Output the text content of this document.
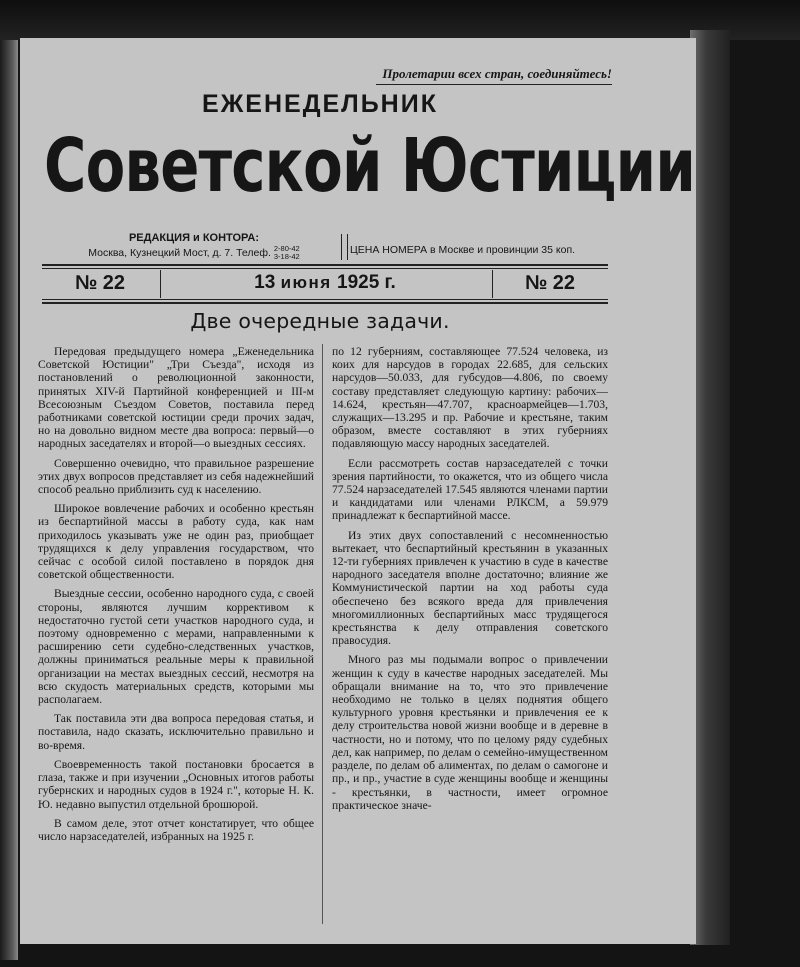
Пролетарии всех стран, соединяйтесь!
ЕЖЕНЕДЕЛЬНИК
Советской Юстиции
РЕДАКЦИЯ и КОНТОРА:
Москва, Кузнецкий Мост, д. 7. Телеф. 2-80-42
3-18-42
ЦЕНА НОМЕРА в Москве и провинции 35 коп.
№ 22	13 июня 1925 г.	№ 22
Две очередные задачи.

Передовая предыдущего номера „Еженедельника Советской Юстиции" „Три Съезда", исходя из постановлений о революционной законности, принятых XIV-й Партийной конференцией и III-м Всесоюзным Съездом Советов, поставила перед работниками советской юстиции среди прочих задач, но на довольно видном месте два вопроса: первый—о народных заседателях и второй—о выездных сессиях.

Совершенно очевидно, что правильное разрешение этих двух вопросов представляет из себя надежнейший способ реально приблизить суд к населению.

Широкое вовлечение рабочих и особенно крестьян из беспартийной массы в работу суда, как нам приходилось указывать уже не один раз, приобщает трудящихся к делу управления государством, что сейчас с особой силой поставлено в порядок дня советской общественности.

Выездные сессии, особенно народного суда, с своей стороны, являются лучшим коррективом к недостаточно густой сети участков народного суда, и поэтому одновременно с мерами, направленными к расширению сети судебно-следственных участков, должны приниматься реальные меры к правильной организации на местах выездных сессий, несмотря на всю скудость материальных средств, которыми мы располагаем.

Так поставила эти два вопроса передовая статья, и поставила, надо сказать, исключительно правильно и во-время.

Своевременность такой постановки бросается в глаза, также и при изучении „Основных итогов работы губернских и народных судов в 1924 г.", которые Н. К. Ю. недавно выпустил отдельной брошюрой.

В самом деле, этот отчет констатирует, что общее число нарзаседателей, избранных на 1925 г.

по 12 губерниям, составляющее 77.524 человека, из коих для нарсудов в городах 22.685, для сельских нарсудов—50.033, для губсудов—4.806, по своему составу представляет следующую картину: рабочих—14.624, крестьян—47.707, красноармейцев—1.703, служащих—13.295 и пр. Рабочие и крестьяне, таким образом, вместе составляют в этих губерниях подавляющую массу народных заседателей.

Если рассмотреть состав нарзаседателей с точки зрения партийности, то окажется, что из общего числа 77.524 нарзаседателей 17.545 являются членами партии и кандидатами или членами РЛКСМ, а 59.979 принадлежат к беспартийной массе.

Из этих двух сопоставлений с несомненностью вытекает, что беспартийный крестьянин в указанных 12-ти губерниях привлечен к участию в суде в качестве народного заседателя вполне достаточно; влияние же Коммунистической партии на ход работы суда обеспечено без всякого вреда для привлечения многомиллионных беспартийных масс трудящегося крестьянства к делу отправления советского правосудия.

Много раз мы подымали вопрос о привлечении женщин к суду в качестве народных заседателей. Мы обращали внимание на то, что это привлечение необходимо не только в целях поднятия общего культурного уровня крестьянки и привлечения ее к делу строительства новой жизни вообще и в деревне в частности, но и потому, что по целому ряду судебных дел, как например, по делам о семейно-имущественном разделе, по делам об алиментах, по делам о самогоне и пр., и пр., участие в суде женщины вообще и женщины - крестьянки, в частности, имеет огромное практическое значе-
